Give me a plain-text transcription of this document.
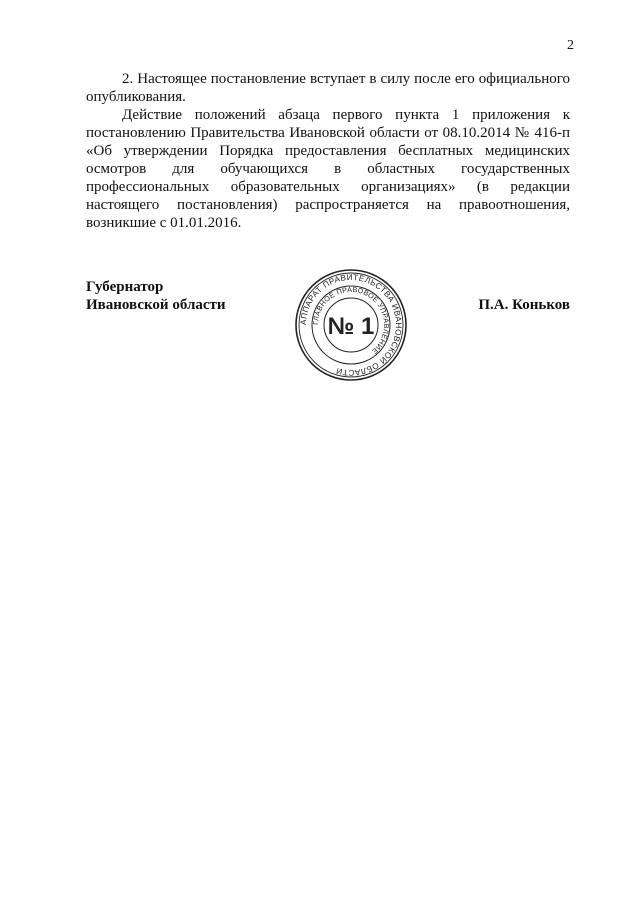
2

2. Настоящее постановление вступает в силу после его официального опубликования.

Действие положений абзаца первого пункта 1 приложения к постановлению Правительства Ивановской области от 08.10.2014 № 416-п «Об утверждении Порядка предоставления бесплатных медицинских осмотров для обучающихся в областных государственных профессиональных образовательных организациях» (в редакции настоящего постановления) распространяется на правоотношения, возникшие с 01.01.2016.

Губернатор
Ивановской области
АППАРАТ ПРАВИТЕЛЬСТВА ИВАНОВСКОЙ ОБЛАСТИ
ГЛАВНОЕ ПРАВОВОЕ УПРАВЛЕНИЕ
№ 1
П.А. Коньков
